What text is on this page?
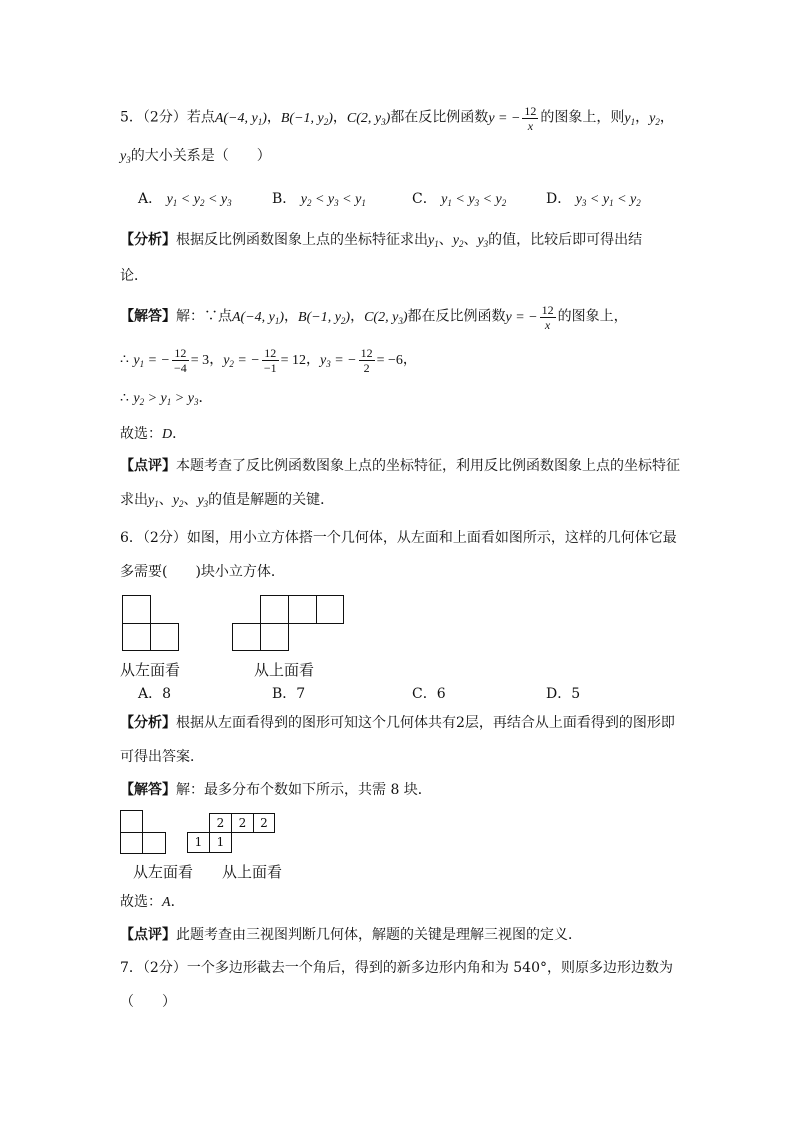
5．（2分）若点A(−4, $y_1$)，B(−1, $y_2$)，C(2, $y_3$)都在反比例函数y = − $\frac{12}{x}$ 的图象上，则$y_1$，$y_2$，
$y_3$的大小关系是（　　）
A． $y_1 < y_2 < y_3$	B． $y_2 < y_3 < y_1$	C． $y_1 < y_3 < y_2$	D． $y_3 < y_1 < y_2$
【分析】根据反比例函数图象上点的坐标特征求出$y_1$、$y_2$、$y_3$的值，比较后即可得出结
论．
【解答】解：∵点A(−4, $y_1$)，B(−1, $y_2$)，C(2, $y_3$)都在反比例函数y = − $\frac{12}{x}$ 的图象上，
∴ $y_1$ = − $\frac{12}{-4} = 3$，$y_2$ = − $\frac{12}{-1} = 12$，$y_3$ = − $\frac{12}{2} = -6$，
∴ $y_2 > y_1 > y_3$．
故选：D．
【点评】本题考查了反比例函数图象上点的坐标特征，利用反比例函数图象上点的坐标特征
求出$y_1$、$y_2$、$y_3$的值是解题的关键．
6．（2分）如图，用小立方体搭一个几何体，从左面和上面看如图所示，这样的几何体它最
多需要(　　)块小立方体．
从左面看	从上面看
A．8	B．7	C．6	D．5
【分析】根据从左面看得到的图形可知这个几何体共有2层，再结合从上面看得到的图形即
可得出答案．
【解答】解：最多分布个数如下所示，共需 8 块．
2	2	2
1	1
从左面看 从上面看
故选：A．
【点评】此题考查由三视图判断几何体，解题的关键是理解三视图的定义．
7．（2分）一个多边形截去一个角后，得到的新多边形内角和为 540°，则原多边形边数为
（　　）
